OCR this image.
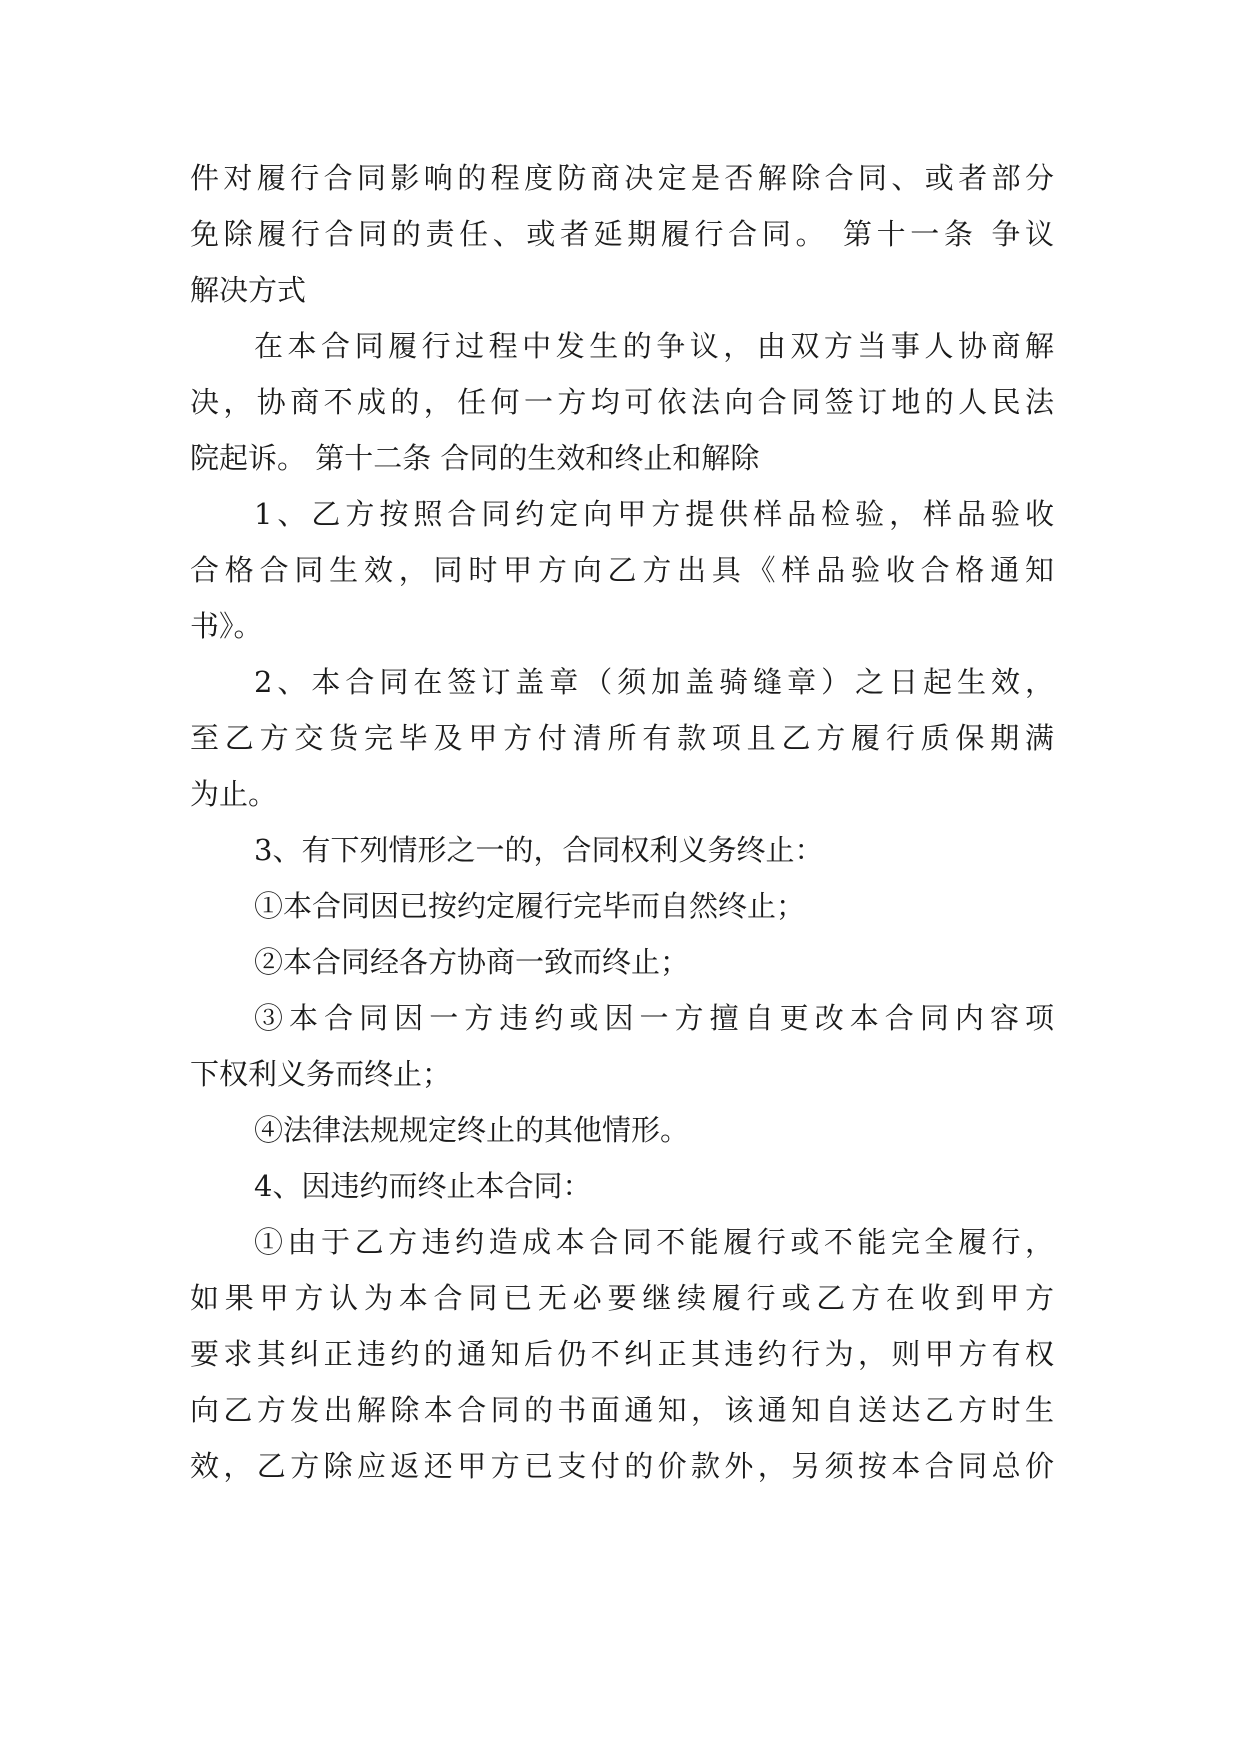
件对履行合同影响的程度防商决定是否解除合同、或者部分
免除履行合同的责任、或者延期履行合同。 第十一条 争议
解决方式
在本合同履行过程中发生的争议，由双方当事人协商解
决，协商不成的，任何一方均可依法向合同签订地的人民法
院起诉。 第十二条 合同的生效和终止和解除
1、乙方按照合同约定向甲方提供样品检验，样品验收
合格合同生效，同时甲方向乙方出具《样品验收合格通知
书》。
2、本合同在签订盖章（须加盖骑缝章）之日起生效，
至乙方交货完毕及甲方付清所有款项且乙方履行质保期满
为止。
3、有下列情形之一的，合同权利义务终止：
①本合同因已按约定履行完毕而自然终止；
②本合同经各方协商一致而终止；
③本合同因一方违约或因一方擅自更改本合同内容项
下权利义务而终止；
④法律法规规定终止的其他情形。
4、因违约而终止本合同：
①由于乙方违约造成本合同不能履行或不能完全履行，
如果甲方认为本合同已无必要继续履行或乙方在收到甲方
要求其纠正违约的通知后仍不纠正其违约行为，则甲方有权
向乙方发出解除本合同的书面通知，该通知自送达乙方时生
效，乙方除应返还甲方已支付的价款外，另须按本合同总价
